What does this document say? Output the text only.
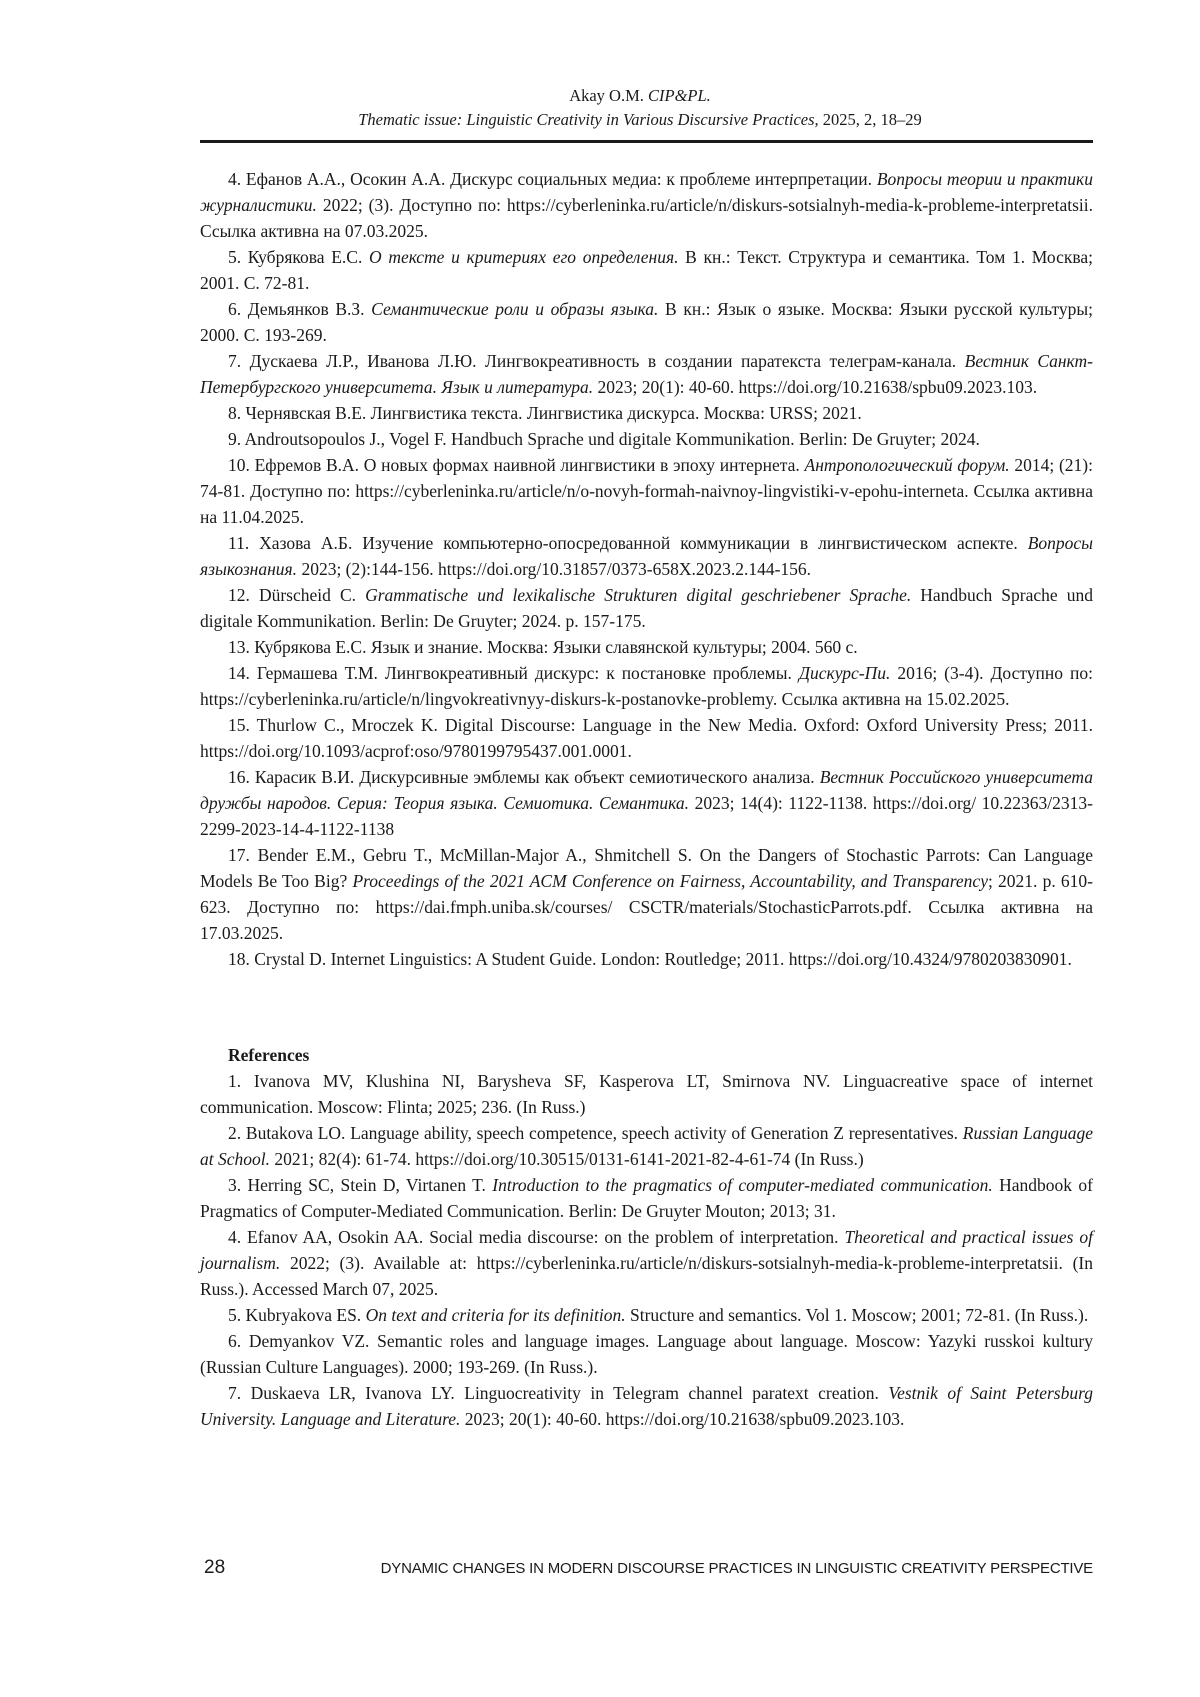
Akay O.M. CIP&PL.
Thematic issue: Linguistic Creativity in Various Discursive Practices, 2025, 2, 18–29

4. Ефанов А.А., Осокин А.А. Дискурс социальных медиа: к проблеме интерпретации. Вопросы теории и практики журналистики. 2022; (3). Доступно по: https://cyberleninka.ru/article/n/diskurs-sotsialnyh-media-k-probleme-interpretatsii. Ссылка активна на 07.03.2025.

5. Кубрякова Е.С. О тексте и критериях его определения. В кн.: Текст. Структура и семантика. Том 1. Москва; 2001. С. 72-81.

6. Демьянков В.З. Семантические роли и образы языка. В кн.: Язык о языке. Москва: Языки русской культуры; 2000. С. 193-269.

7. Дускаева Л.Р., Иванова Л.Ю. Лингвокреативность в создании паратекста телеграм-канала. Вестник Санкт-Петербургского университета. Язык и литература. 2023; 20(1): 40-60. https://doi.org/10.21638/spbu09.2023.103.

8. Чернявская В.Е. Лингвистика текста. Лингвистика дискурса. Москва: URSS; 2021.

9. Androutsopoulos J., Vogel F. Handbuch Sprache und digitale Kommunikation. Berlin: De Gruyter; 2024.

10. Ефремов В.А. О новых формах наивной лингвистики в эпоху интернета. Антропологический форум. 2014; (21): 74-81. Доступно по: https://cyberleninka.ru/article/n/o-novyh-formah-naivnoy-lingvistiki-v-epohu-interneta. Ссылка активна на 11.04.2025.

11. Хазова А.Б. Изучение компьютерно-опосредованной коммуникации в лингвистическом аспекте. Вопросы языкознания. 2023; (2):144-156. https://doi.org/10.31857/0373-658X.2023.2.144-156.

12. Dürscheid C. Grammatische und lexikalische Strukturen digital geschriebener Sprache. Handbuch Sprache und digitale Kommunikation. Berlin: De Gruyter; 2024. p. 157-175.

13. Кубрякова Е.С. Язык и знание. Москва: Языки славянской культуры; 2004. 560 с.

14. Гермашева Т.М. Лингвокреативный дискурс: к постановке проблемы. Дискурс-Пи. 2016; (3-4). Доступно по: https://cyberleninka.ru/article/n/lingvokreativnyy-diskurs-k-postanovke-problemy. Ссылка активна на 15.02.2025.

15. Thurlow C., Mroczek K. Digital Discourse: Language in the New Media. Oxford: Oxford University Press; 2011. https://doi.org/10.1093/acprof:oso/9780199795437.001.0001.

16. Карасик В.И. Дискурсивные эмблемы как объект семиотического анализа. Вестник Российского университета дружбы народов. Серия: Теория языка. Семиотика. Семантика. 2023; 14(4): 1122-1138. https://doi.org/ 10.22363/2313-2299-2023-14-4-1122-1138

17. Bender E.M., Gebru T., McMillan-Major A., Shmitchell S. On the Dangers of Stochastic Parrots: Can Language Models Be Too Big? Proceedings of the 2021 ACM Conference on Fairness, Accountability, and Transparency; 2021. p. 610-623. Доступно по: https://dai.fmph.uniba.sk/courses/ CSCTR/materials/StochasticParrots.pdf. Ссылка активна на 17.03.2025.

18. Crystal D. Internet Linguistics: A Student Guide. London: Routledge; 2011. https://doi.org/10.4324/9780203830901.

References

1. Ivanova MV, Klushina NI, Barysheva SF, Kasperova LT, Smirnova NV. Linguacreative space of internet communication. Moscow: Flinta; 2025; 236. (In Russ.)

2. Butakova LO. Language ability, speech competence, speech activity of Generation Z representatives. Russian Language at School. 2021; 82(4): 61-74. https://doi.org/10.30515/0131-6141-2021-82-4-61-74 (In Russ.)

3. Herring SC, Stein D, Virtanen T. Introduction to the pragmatics of computer-mediated communication. Handbook of Pragmatics of Computer-Mediated Communication. Berlin: De Gruyter Mouton; 2013; 31.

4. Efanov AA, Osokin AA. Social media discourse: on the problem of interpretation. Theoretical and practical issues of journalism. 2022; (3). Available at: https://cyberleninka.ru/article/n/diskurs-sotsialnyh-media-k-probleme-interpretatsii. (In Russ.). Accessed March 07, 2025.

5. Kubryakova ES. On text and criteria for its definition. Structure and semantics. Vol 1. Moscow; 2001; 72-81. (In Russ.).

6. Demyankov VZ. Semantic roles and language images. Language about language. Moscow: Yazyki russkoi kultury (Russian Culture Languages). 2000; 193-269. (In Russ.).

7. Duskaeva LR, Ivanova LY. Linguocreativity in Telegram channel paratext creation. Vestnik of Saint Petersburg University. Language and Literature. 2023; 20(1): 40-60. https://doi.org/10.21638/spbu09.2023.103.

28	DYNAMIC CHANGES IN MODERN DISCOURSE PRACTICES IN LINGUISTIC CREATIVITY PERSPECTIVE
